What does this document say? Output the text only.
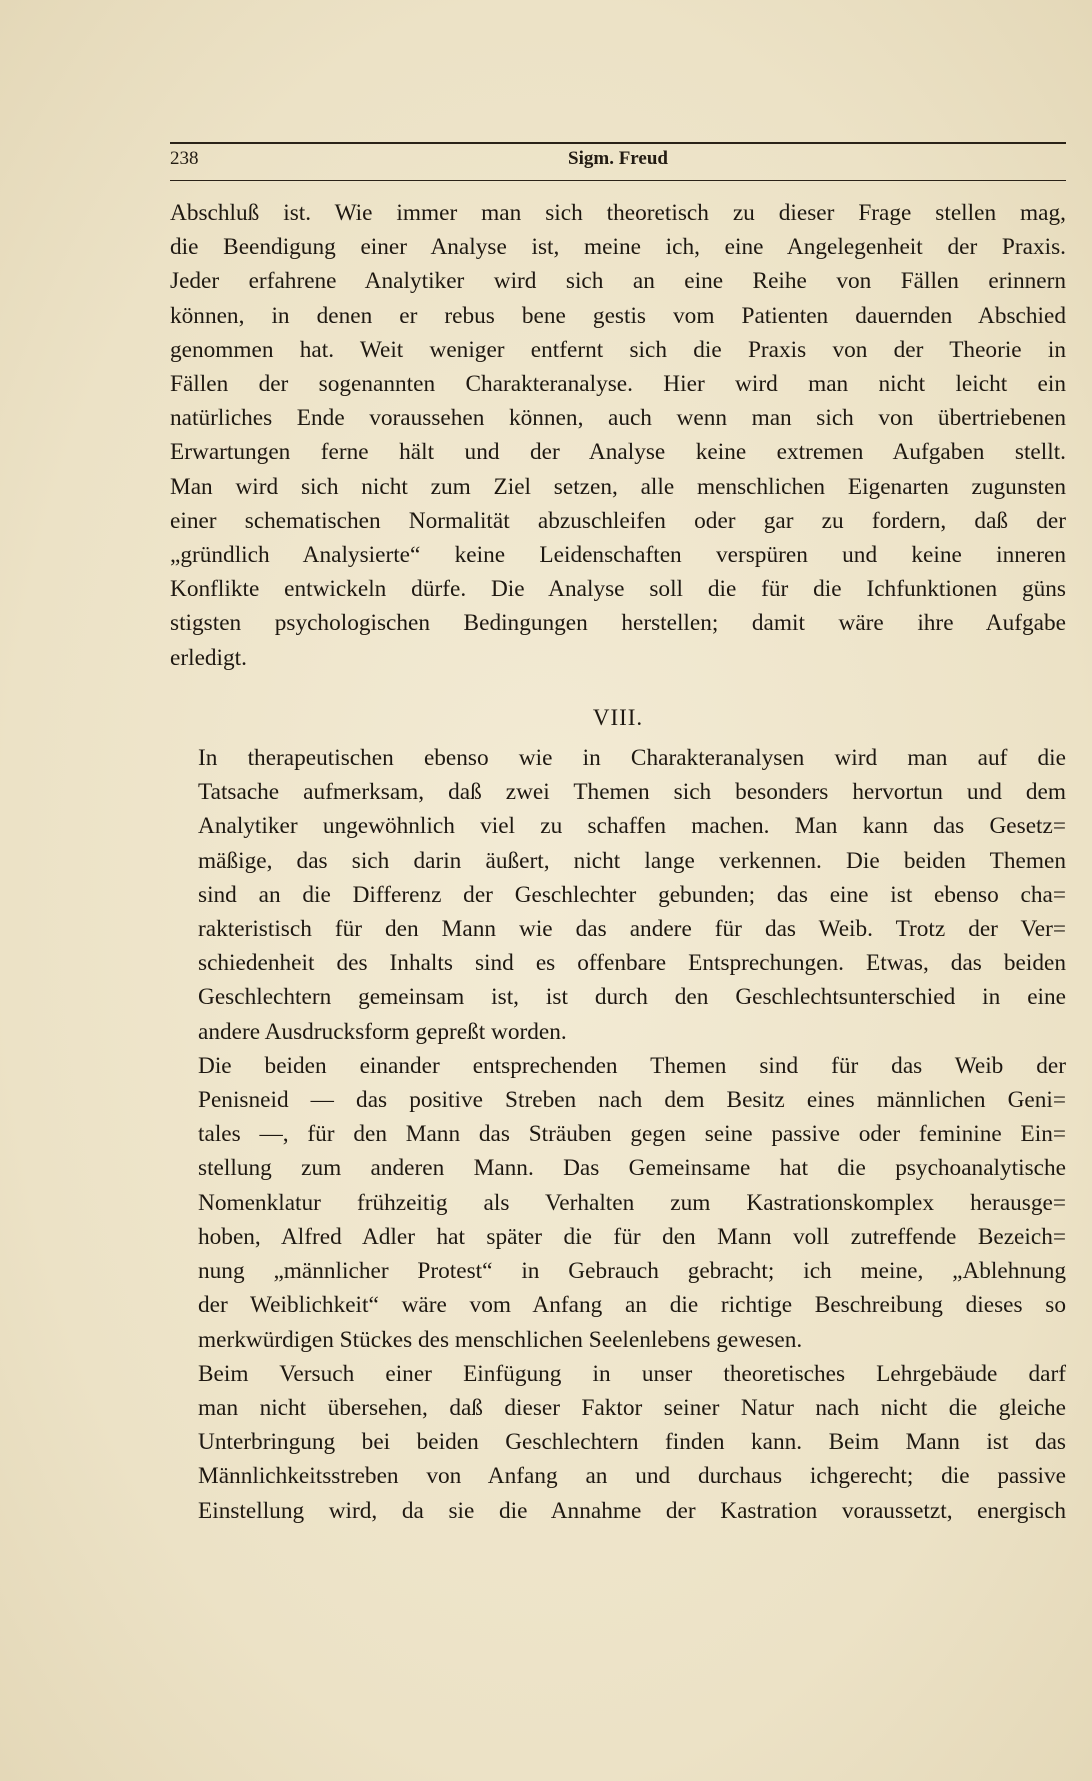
238	Sigm. Freud

Abschluß ist. Wie immer man sich theoretisch zu dieser Frage stellen mag,
die Beendigung einer Analyse ist, meine ich, eine Angelegenheit der Praxis.
Jeder erfahrene Analytiker wird sich an eine Reihe von Fällen erinnern
können, in denen er rebus bene gestis vom Patienten dauernden Abschied
genommen hat. Weit weniger entfernt sich die Praxis von der Theorie in
Fällen der sogenannten Charakteranalyse. Hier wird man nicht leicht ein
natürliches Ende voraussehen können, auch wenn man sich von übertriebenen
Erwartungen ferne hält und der Analyse keine extremen Aufgaben stellt.
Man wird sich nicht zum Ziel setzen, alle menschlichen Eigenarten zugunsten
einer schematischen Normalität abzuschleifen oder gar zu fordern, daß der
„gründlich Analysierte“ keine Leidenschaften verspüren und keine inneren
Konflikte entwickeln dürfe. Die Analyse soll die für die Ichfunktionen güns
stigsten psychologischen Bedingungen herstellen; damit wäre ihre Aufgabe
erledigt.

VIII.

In therapeutischen ebenso wie in Charakteranalysen wird man auf die
Tatsache aufmerksam, daß zwei Themen sich besonders hervortun und dem
Analytiker ungewöhnlich viel zu schaffen machen. Man kann das Gesetz=
mäßige, das sich darin äußert, nicht lange verkennen. Die beiden Themen
sind an die Differenz der Geschlechter gebunden; das eine ist ebenso cha=
rakteristisch für den Mann wie das andere für das Weib. Trotz der Ver=
schiedenheit des Inhalts sind es offenbare Entsprechungen. Etwas, das beiden
Geschlechtern gemeinsam ist, ist durch den Geschlechtsunterschied in eine
andere Ausdrucksform gepreßt worden.

Die beiden einander entsprechenden Themen sind für das Weib der
Penisneid — das positive Streben nach dem Besitz eines männlichen Geni=
tales —, für den Mann das Sträuben gegen seine passive oder feminine Ein=
stellung zum anderen Mann. Das Gemeinsame hat die psychoanalytische
Nomenklatur frühzeitig als Verhalten zum Kastrationskomplex herausge=
hoben, Alfred Adler hat später die für den Mann voll zutreffende Bezeich=
nung „männlicher Protest“ in Gebrauch gebracht; ich meine, „Ablehnung
der Weiblichkeit“ wäre vom Anfang an die richtige Beschreibung dieses so
merkwürdigen Stückes des menschlichen Seelenlebens gewesen.

Beim Versuch einer Einfügung in unser theoretisches Lehrgebäude darf
man nicht übersehen, daß dieser Faktor seiner Natur nach nicht die gleiche
Unterbringung bei beiden Geschlechtern finden kann. Beim Mann ist das
Männlichkeitsstreben von Anfang an und durchaus ichgerecht; die passive
Einstellung wird, da sie die Annahme der Kastration voraussetzt, energisch
